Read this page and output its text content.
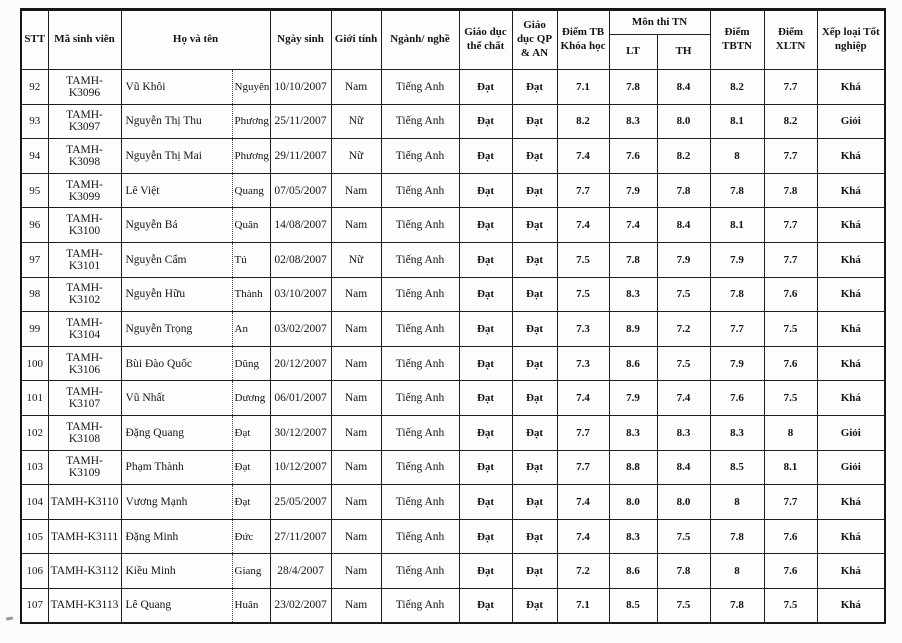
STT	Mã sinh viên	Họ và tên		Ngày sinh	Giới tính	Ngành/ nghề	Giáo dục thể chất	Giáo dục QP & AN	Điểm TB Khóa học	Môn thi TN		Điểm TBTN	Điểm XLTN	Xếp loại Tốt nghiệp
										LT	TH			
92	TAMH-K3096	Vũ Khôi	Nguyên	10/10/2007	Nam	Tiếng Anh	Đạt	Đạt	7.1	7.8	8.4	8.2	7.7	Khá
93	TAMH-K3097	Nguyễn Thị Thu	Phương	25/11/2007	Nữ	Tiếng Anh	Đạt	Đạt	8.2	8.3	8.0	8.1	8.2	Giỏi
94	TAMH-K3098	Nguyễn Thị Mai	Phương	29/11/2007	Nữ	Tiếng Anh	Đạt	Đạt	7.4	7.6	8.2	8	7.7	Khá
95	TAMH-K3099	Lê Việt	Quang	07/05/2007	Nam	Tiếng Anh	Đạt	Đạt	7.7	7.9	7.8	7.8	7.8	Khá
96	TAMH-K3100	Nguyễn Bá	Quân	14/08/2007	Nam	Tiếng Anh	Đạt	Đạt	7.4	7.4	8.4	8.1	7.7	Khá
97	TAMH-K3101	Nguyễn Cẩm	Tú	02/08/2007	Nữ	Tiếng Anh	Đạt	Đạt	7.5	7.8	7.9	7.9	7.7	Khá
98	TAMH-K3102	Nguyễn Hữu	Thành	03/10/2007	Nam	Tiếng Anh	Đạt	Đạt	7.5	8.3	7.5	7.8	7.6	Khá
99	TAMH-K3104	Nguyễn Trọng	An	03/02/2007	Nam	Tiếng Anh	Đạt	Đạt	7.3	8.9	7.2	7.7	7.5	Khá
100	TAMH-K3106	Bùi Đào Quốc	Dũng	20/12/2007	Nam	Tiếng Anh	Đạt	Đạt	7.3	8.6	7.5	7.9	7.6	Khá
101	TAMH-K3107	Vũ Nhất	Dương	06/01/2007	Nam	Tiếng Anh	Đạt	Đạt	7.4	7.9	7.4	7.6	7.5	Khá
102	TAMH-K3108	Đặng Quang	Đạt	30/12/2007	Nam	Tiếng Anh	Đạt	Đạt	7.7	8.3	8.3	8.3	8	Giỏi
103	TAMH-K3109	Phạm Thành	Đạt	10/12/2007	Nam	Tiếng Anh	Đạt	Đạt	7.7	8.8	8.4	8.5	8.1	Giỏi
104	TAMH-K3110	Vương Mạnh	Đạt	25/05/2007	Nam	Tiếng Anh	Đạt	Đạt	7.4	8.0	8.0	8	7.7	Khá
105	TAMH-K3111	Đặng Minh	Đức	27/11/2007	Nam	Tiếng Anh	Đạt	Đạt	7.4	8.3	7.5	7.8	7.6	Khá
106	TAMH-K3112	Kiều Minh	Giang	28/4/2007	Nam	Tiếng Anh	Đạt	Đạt	7.2	8.6	7.8	8	7.6	Khá
107	TAMH-K3113	Lê Quang	Huân	23/02/2007	Nam	Tiếng Anh	Đạt	Đạt	7.1	8.5	7.5	7.8	7.5	Khá
